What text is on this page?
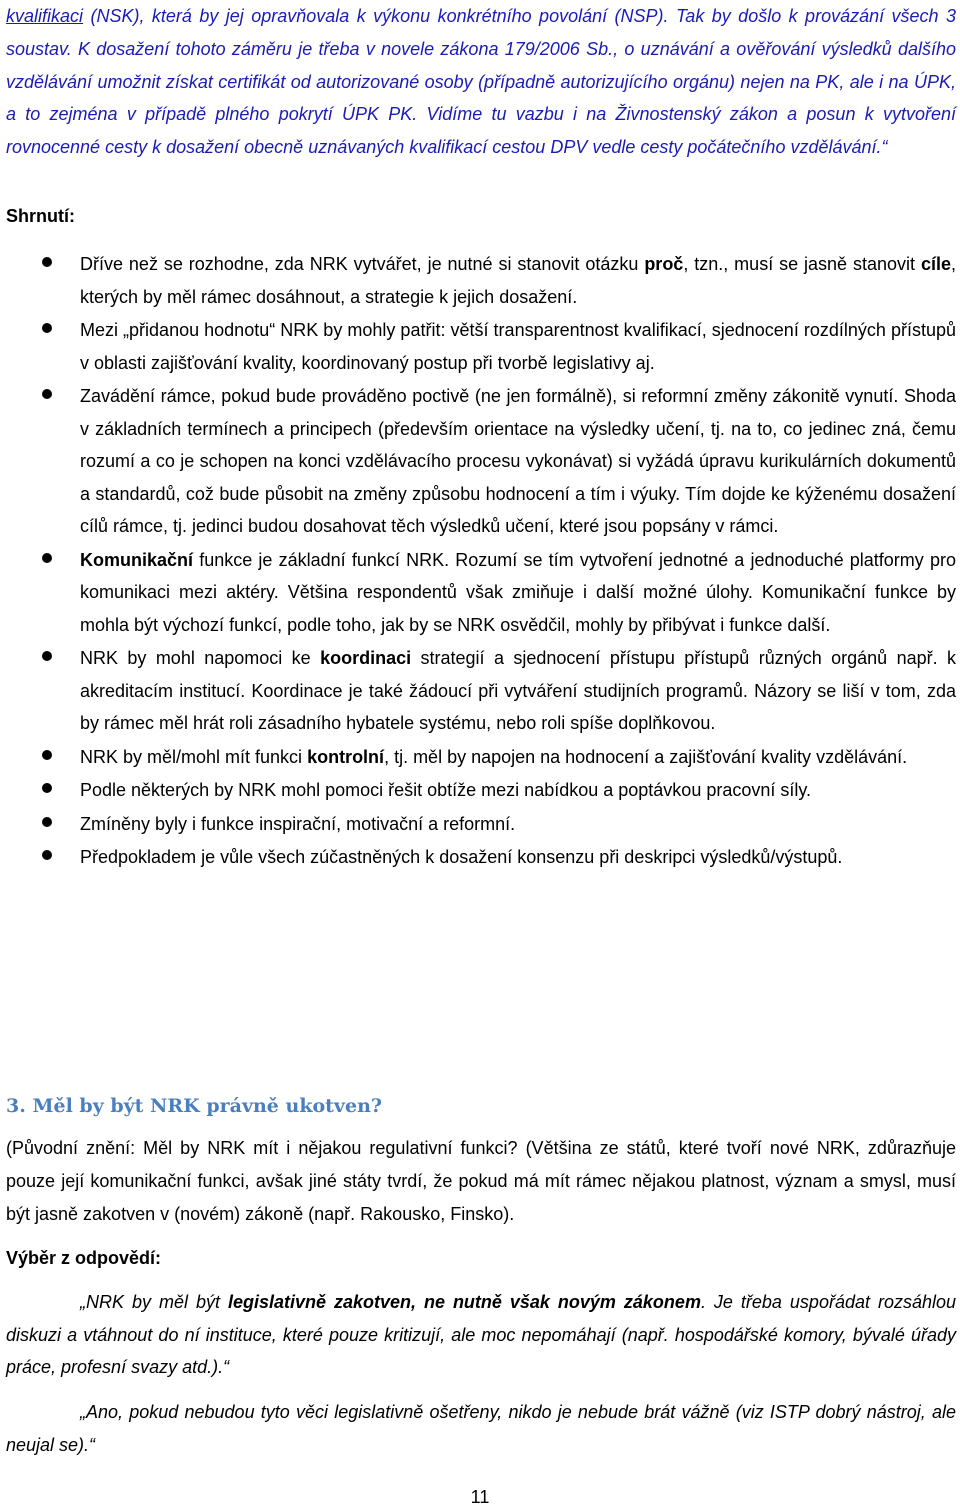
kvalifikaci (NSK), která by jej opravňovala k výkonu konkrétního povolání (NSP). Tak by došlo k provázání všech 3 soustav. K dosažení tohoto záměru je třeba v novele zákona 179/2006 Sb., o uznávání a ověřování výsledků dalšího vzdělávání umožnit získat certifikát od autorizované osoby (případně autorizujícího orgánu) nejen na PK, ale i na ÚPK, a to zejména v případě plného pokrytí ÚPK PK. Vidíme tu vazbu i na Živnostenský zákon a posun k vytvoření rovnocenné cesty k dosažení obecně uznávaných kvalifikací cestou DPV vedle cesty počátečního vzdělávání.“
Shrnutí:
Dříve než se rozhodne, zda NRK vytvářet, je nutné si stanovit otázku proč, tzn., musí se jasně stanovit cíle, kterých by měl rámec dosáhnout, a strategie k jejich dosažení.
Mezi „přidanou hodnotu“ NRK by mohly patřit: větší transparentnost kvalifikací, sjednocení rozdílných přístupů v oblasti zajišťování kvality, koordinovaný postup při tvorbě legislativy aj.
Zavádění rámce, pokud bude prováděno poctivě (ne jen formálně), si reformní změny zákonitě vynutí. Shoda v základních termínech a principech (především orientace na výsledky učení, tj. na to, co jedinec zná, čemu rozumí a co je schopen na konci vzdělávacího procesu vykonávat) si vyžádá úpravu kurikulárních dokumentů a standardů, což bude působit na změny způsobu hodnocení a tím i výuky. Tím dojde ke kýženému dosažení cílů rámce, tj. jedinci budou dosahovat těch výsledků učení, které jsou popsány v rámci.
Komunikační funkce je základní funkcí NRK. Rozumí se tím vytvoření jednotné a jednoduché platformy pro komunikaci mezi aktéry. Většina respondentů však zmiňuje i další možné úlohy. Komunikační funkce by mohla být výchozí funkcí, podle toho, jak by se NRK osvědčil, mohly by přibývat i funkce další.
NRK by mohl napomoci ke koordinaci strategií a sjednocení přístupu přístupů různých orgánů např. k akreditacím institucí. Koordinace je také žádoucí při vytváření studijních programů. Názory se liší v tom, zda by rámec měl hrát roli zásadního hybatele systému, nebo roli spíše doplňkovou.
NRK by měl/mohl mít funkci kontrolní, tj. měl by napojen na hodnocení a zajišťování kvality vzdělávání.
Podle některých by NRK mohl pomoci řešit obtíže mezi nabídkou a poptávkou pracovní síly.
Zmíněny byly i funkce inspirační, motivační a reformní.
Předpokladem je vůle všech zúčastněných k dosažení konsenzu při deskripci výsledků/výstupů.
3. Měl by být NRK právně ukotven?
(Původní znění: Měl by NRK mít i nějakou regulativní funkci? (Většina ze států, které tvoří nové NRK, zdůrazňuje pouze její komunikační funkci, avšak jiné státy tvrdí, že pokud má mít rámec nějakou platnost, význam a smysl, musí být jasně zakotven v (novém) zákoně (např. Rakousko, Finsko).
Výběr z odpovědí:
„NRK by měl být legislativně zakotven, ne nutně však novým zákonem. Je třeba uspořádat rozsáhlou diskuzi a vtáhnout do ní instituce, které pouze kritizují, ale moc nepomáhají (např. hospodářské komory, bývalé úřady práce, profesní svazy atd.).“
„Ano, pokud nebudou tyto věci legislativně ošetřeny, nikdo je nebude brát vážně (viz ISTP dobrý nástroj, ale neujal se).“
11
